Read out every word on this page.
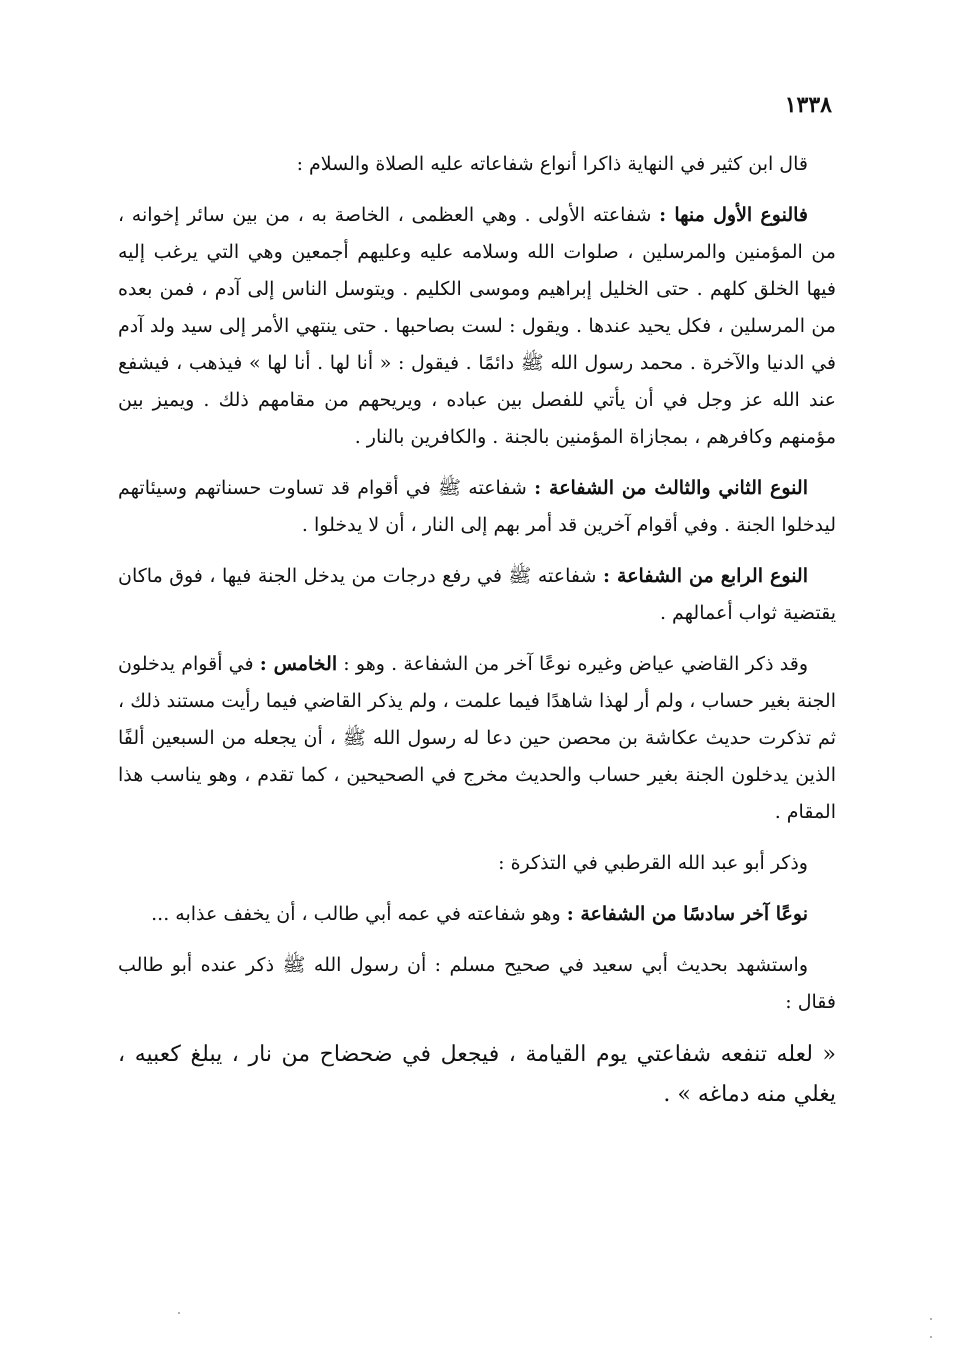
١٣٣٨

قال ابن كثير في النهاية ذاكرا أنواع شفاعاته عليه الصلاة والسلام :

فالنوع الأول منها : شفاعته الأولى . وهي العظمى ، الخاصة به ، من بين سائر إخوانه ، من المؤمنين والمرسلين ، صلوات الله وسلامه عليه وعليهم أجمعين وهي التي يرغب إليه فيها الخلق كلهم . حتى الخليل إبراهيم وموسى الكليم . ويتوسل الناس إلى آدم ، فمن بعده من المرسلين ، فكل يحيد عندها . ويقول : لست بصاحبها . حتى ينتهي الأمر إلى سيد ولد آدم في الدنيا والآخرة . محمد رسول الله ﷺ دائمًا . فيقول : « أنا لها . أنا لها » فيذهب ، فيشفع عند الله عز وجل في أن يأتي للفصل بين عباده ، ويريحهم من مقامهم ذلك . ويميز بين مؤمنهم وكافرهم ، بمجازاة المؤمنين بالجنة . والكافرين بالنار .

النوع الثاني والثالث من الشفاعة : شفاعته ﷺ في أقوام قد تساوت حسناتهم وسيئاتهم ليدخلوا الجنة . وفي أقوام آخرين قد أمر بهم إلى النار ، أن لا يدخلوا .

النوع الرابع من الشفاعة : شفاعته ﷺ في رفع درجات من يدخل الجنة فيها ، فوق ماكان يقتضية ثواب أعمالهم .

وقد ذكر القاضي عياض وغيره نوعًا آخر من الشفاعة . وهو : الخامس : في أقوام يدخلون الجنة بغير حساب ، ولم أر لهذا شاهدًا فيما علمت ، ولم يذكر القاضي فيما رأيت مستند ذلك ، ثم تذكرت حديث عكاشة بن محصن حين دعا له رسول الله ﷺ ، أن يجعله من السبعين ألفًا الذين يدخلون الجنة بغير حساب والحديث مخرج في الصحيحين ، كما تقدم ، وهو يناسب هذا المقام .

وذكر أبو عبد الله القرطبي في التذكرة :

نوعًا آخر سادسًا من الشفاعة : وهو شفاعته في عمه أبي طالب ، أن يخفف عذابه ...

واستشهد بحديث أبي سعيد في صحيح مسلم : أن رسول الله ﷺ ذكر عنده أبو طالب فقال :

« لعله تنفعه شفاعتي يوم القيامة ، فيجعل في ضحضاح من نار ، يبلغ كعبيه ، يغلي منه دماغه » .
